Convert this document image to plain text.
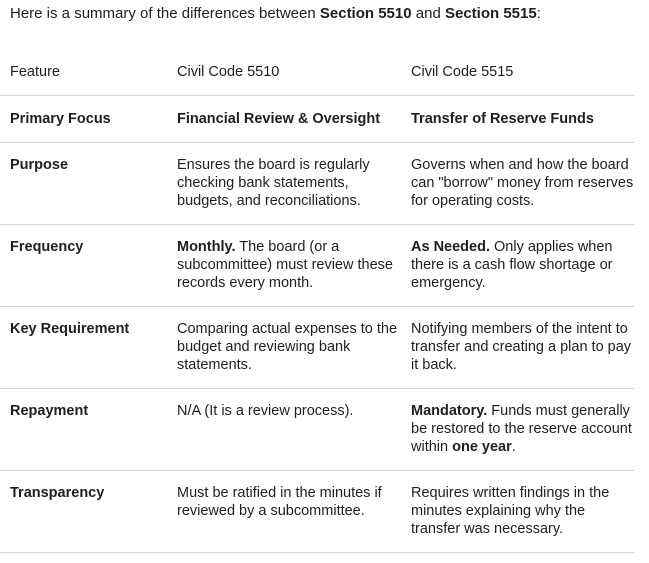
Here is a summary of the differences between Section 5510 and Section 5515:

Feature	Civil Code 5510	Civil Code 5515
Primary Focus	Financial Review & Oversight	Transfer of Reserve Funds
Purpose	Ensures the board is regularly checking bank statements, budgets, and reconciliations.	Governs when and how the board can "borrow" money from reserves for operating costs.
Frequency	Monthly. The board (or a subcommittee) must review these records every month.	As Needed. Only applies when there is a cash flow shortage or emergency.
Key Requirement	Comparing actual expenses to the budget and reviewing bank statements.	Notifying members of the intent to transfer and creating a plan to pay it back.
Repayment	N/A (It is a review process).	Mandatory. Funds must generally be restored to the reserve account within one year.
Transparency	Must be ratified in the minutes if reviewed by a subcommittee.	Requires written findings in the minutes explaining why the transfer was necessary.
